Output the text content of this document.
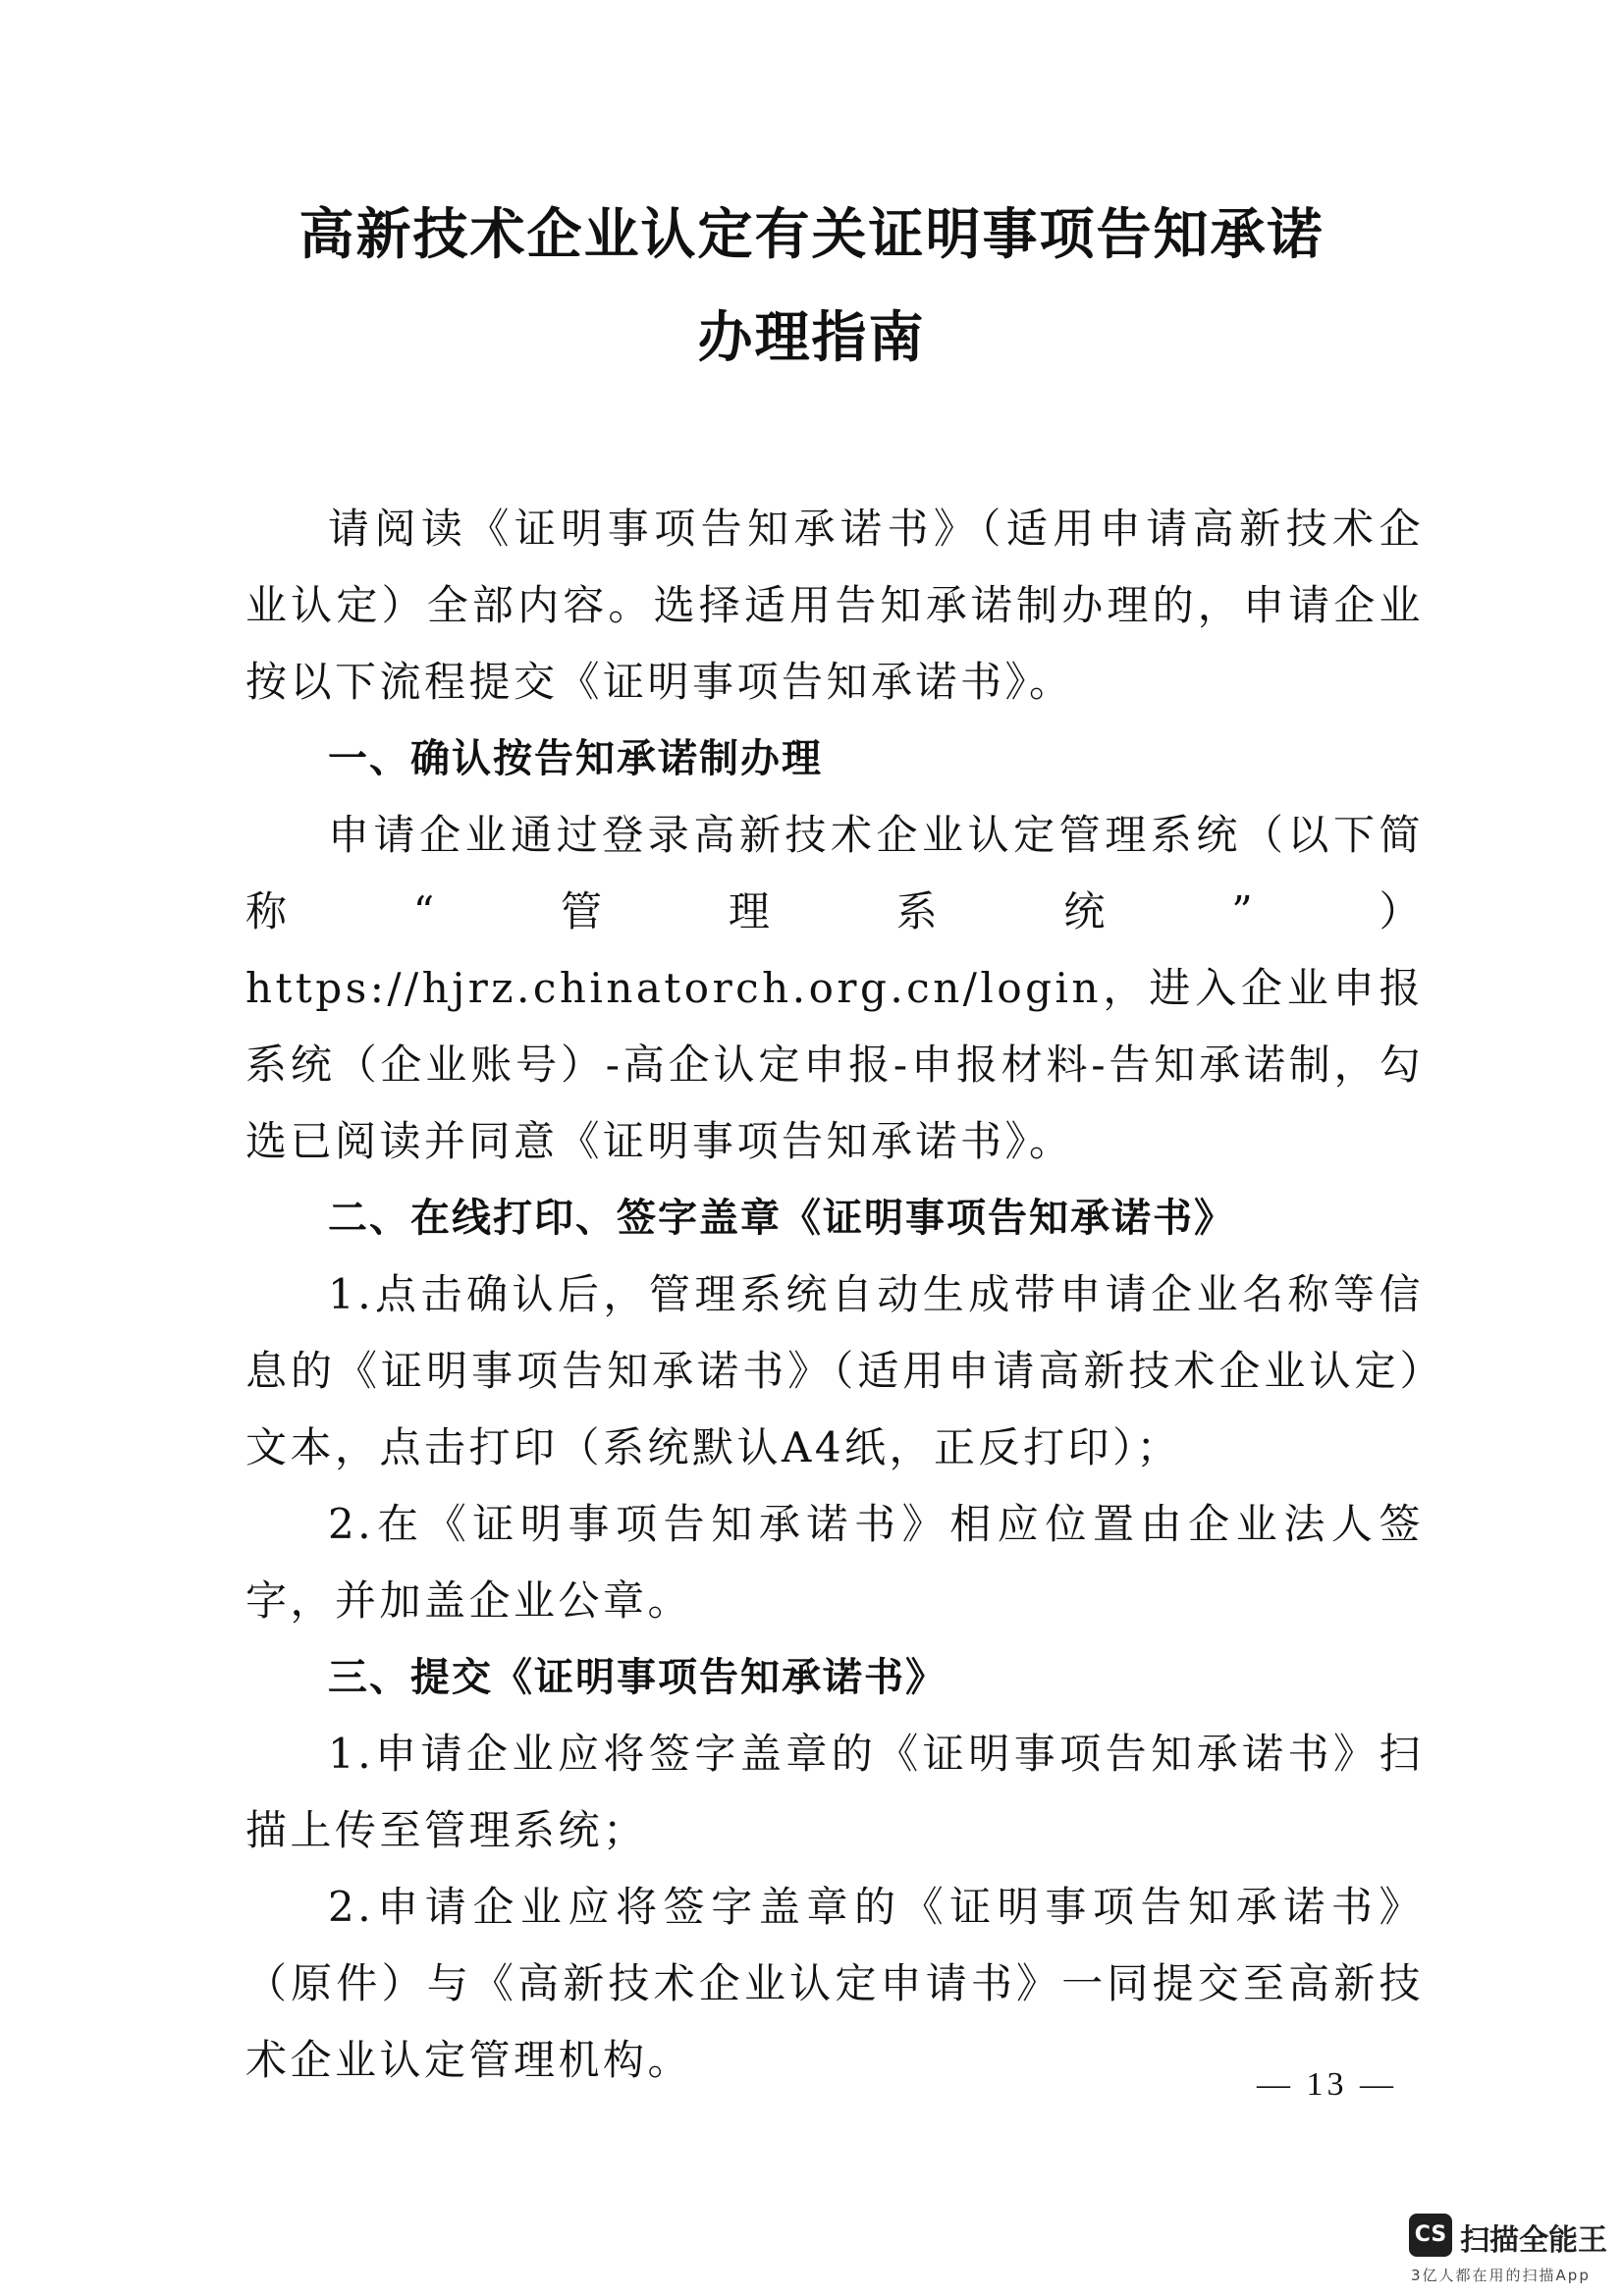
高新技术企业认定有关证明事项告知承诺
办理指南

请阅读《证明事项告知承诺书》（适用申请高新技术企业认定）全部内容。选择适用告知承诺制办理的，申请企业按以下流程提交《证明事项告知承诺书》。

一、确认按告知承诺制办理

申请企业通过登录高新技术企业认定管理系统（以下简称“管理系统”）https://hjrz.chinatorch.org.cn/login，进入企业申报系统（企业账号）-高企认定申报-申报材料-告知承诺制，勾选已阅读并同意《证明事项告知承诺书》。

二、在线打印、签字盖章《证明事项告知承诺书》

1.点击确认后，管理系统自动生成带申请企业名称等信息的《证明事项告知承诺书》（适用申请高新技术企业认定）文本，点击打印（系统默认A4纸，正反打印）；

2.在《证明事项告知承诺书》相应位置由企业法人签字，并加盖企业公章。

三、提交《证明事项告知承诺书》

1.申请企业应将签字盖章的《证明事项告知承诺书》扫描上传至管理系统；

2.申请企业应将签字盖章的《证明事项告知承诺书》（原件）与《高新技术企业认定申请书》一同提交至高新技术企业认定管理机构。

— 13 —
CS 扫描全能王
3亿人都在用的扫描App
